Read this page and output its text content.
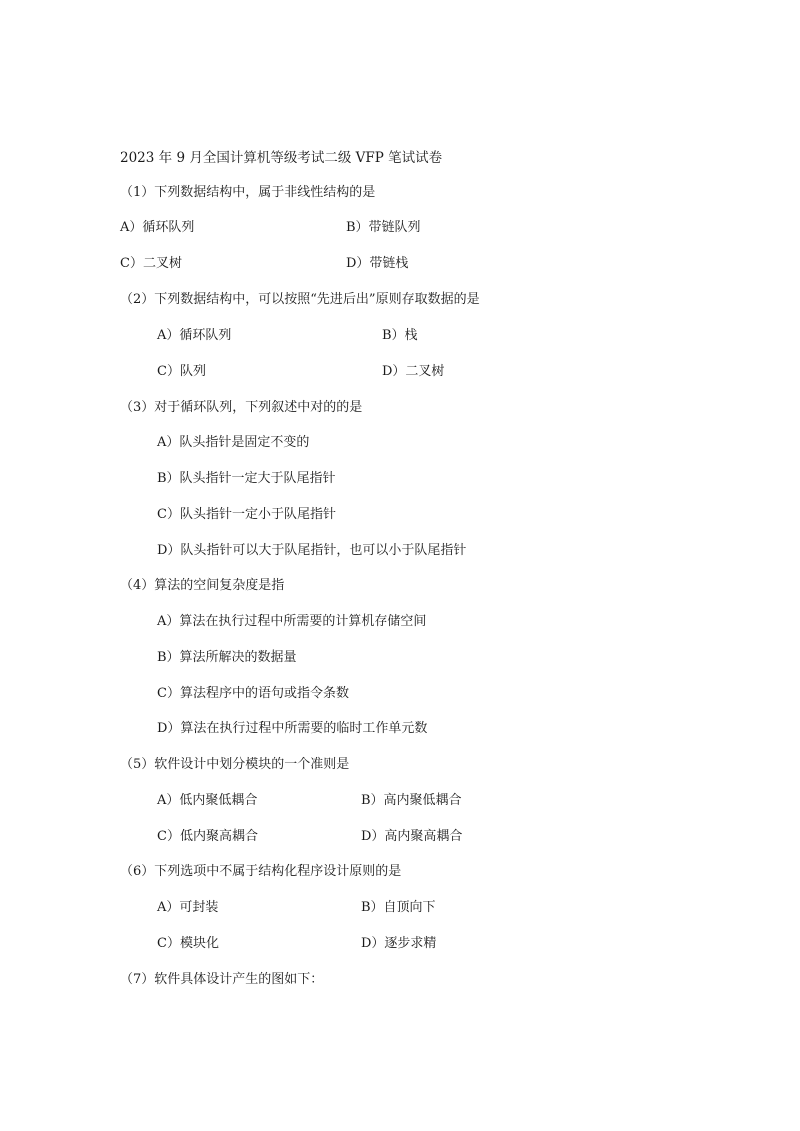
2023 年 9 月全国计算机等级考试二级 VFP 笔试试卷
（1）下列数据结构中，属于非线性结构的是
A）循环队列	B）带链队列
C）二叉树	D）带链栈
（2）下列数据结构中，可以按照“先进后出”原则存取数据的是
A）循环队列	B）栈
C）队列	D）二叉树
（3）对于循环队列，下列叙述中对的的是
A）队头指针是固定不变的
B）队头指针一定大于队尾指针
C）队头指针一定小于队尾指针
D）队头指针可以大于队尾指针，也可以小于队尾指针
（4）算法的空间复杂度是指
A）算法在执行过程中所需要的计算机存储空间
B）算法所解决的数据量
C）算法程序中的语句或指令条数
D）算法在执行过程中所需要的临时工作单元数
（5）软件设计中划分模块的一个准则是
A）低内聚低耦合	B）高内聚低耦合
C）低内聚高耦合	D）高内聚高耦合
（6）下列选项中不属于结构化程序设计原则的是
A）可封装	B）自顶向下
C）模块化	D）逐步求精
（7）软件具体设计产生的图如下：
